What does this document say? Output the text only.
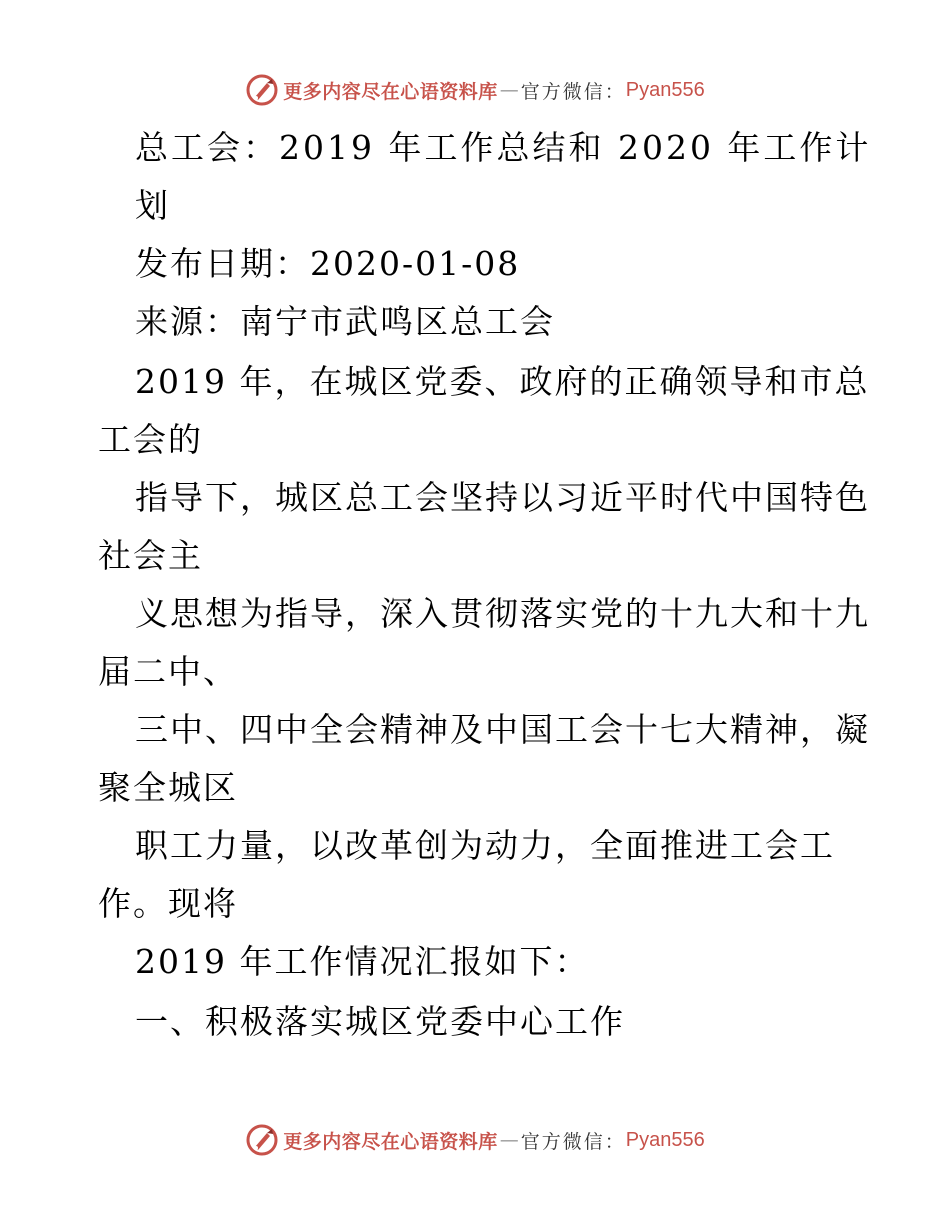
更多内容尽在心语资料库 — 官方微信： Pyan556
总工会：2019 年工作总结和 2020 年工作计
划
发布日期：2020-01-08
来源：南宁市武鸣区总工会
2019 年，在城区党委、政府的正确领导和市总
工会的
指导下，城区总工会坚持以习近平时代中国特色
社会主
义思想为指导，深入贯彻落实党的十九大和十九
届二中、
三中、四中全会精神及中国工会十七大精神，凝
聚全城区
职工力量，以改革创为动力，全面推进工会工
作。现将
2019 年工作情况汇报如下：
一、积极落实城区党委中心工作
更多内容尽在心语资料库 — 官方微信： Pyan556
